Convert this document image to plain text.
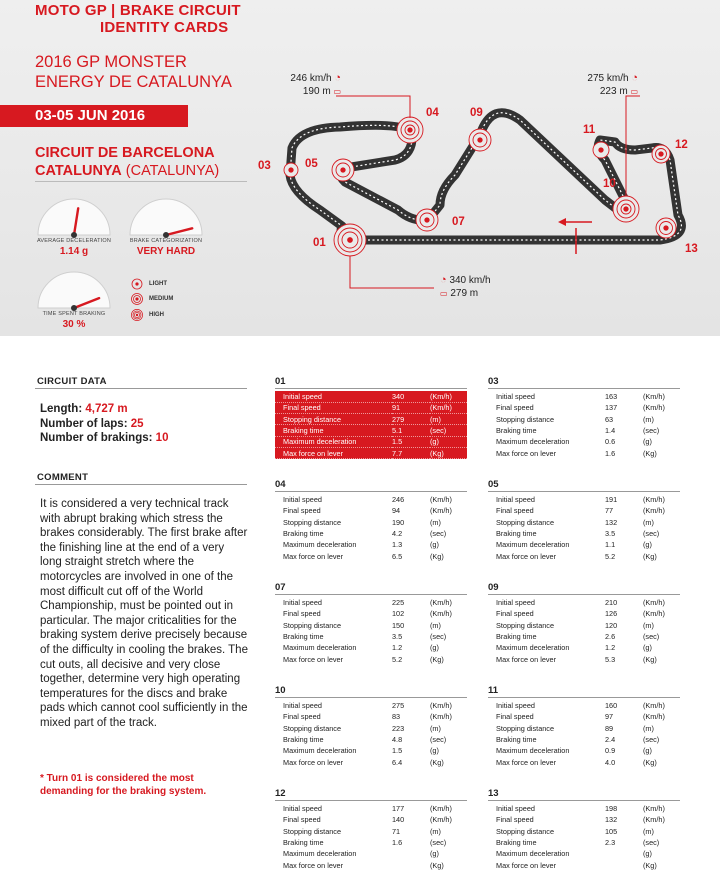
MOTO GP | BRAKE CIRCUIT
IDENTITY CARDS
2016 GP MONSTER
ENERGY DE CATALUNYA
03-05 JUN 2016
CIRCUIT DE BARCELONA
CATALUNYA (CATALUNYA)
AVERAGE DECELERATION
1.14 g
BRAKE CATEGORIZATION
VERY HARD
TIME SPENT BRAKING
30 %
LIGHT
MEDIUM
HIGH
246 km/h ◔
190 m ▭
275 km/h ◔
223 m ▭
◔ 340 km/h
▭ 279 m
01
03
04
05
07
09
10
11
12
13
CIRCUIT DATA
Length: 4,727 m
Number of laps: 25
Number of brakings: 10
COMMENT
It is considered a very technical track with abrupt braking which stress the brakes considerably. The first brake after the finishing line at the end of a very long straight stretch where the motorcycles are involved in one of the most difficult cut off of the World Championship, must be pointed out in particular. The major criticalities for the braking system derive precisely because of the difficulty in cooling the brakes. The cut outs, all decisive and very close together, determine very high operating temperatures for the discs and brake pads which cannot cool sufficiently in the mixed part of the track.
* Turn 01 is considered the most demanding for the braking system.
01
Initial speed	340	(Km/h)
Final speed	91	(Km/h)
Stopping distance	279	(m)
Braking time	5.1	(sec)
Maximum deceleration	1.5	(g)
Max force on lever	7.7	(Kg)
03
Initial speed	163	(Km/h)
Final speed	137	(Km/h)
Stopping distance	63	(m)
Braking time	1.4	(sec)
Maximum deceleration	0.6	(g)
Max force on lever	1.6	(Kg)
04
Initial speed	246	(Km/h)
Final speed	94	(Km/h)
Stopping distance	190	(m)
Braking time	4.2	(sec)
Maximum deceleration	1.3	(g)
Max force on lever	6.5	(Kg)
05
Initial speed	191	(Km/h)
Final speed	77	(Km/h)
Stopping distance	132	(m)
Braking time	3.5	(sec)
Maximum deceleration	1.1	(g)
Max force on lever	5.2	(Kg)
07
Initial speed	225	(Km/h)
Final speed	102	(Km/h)
Stopping distance	150	(m)
Braking time	3.5	(sec)
Maximum deceleration	1.2	(g)
Max force on lever	5.2	(Kg)
09
Initial speed	210	(Km/h)
Final speed	126	(Km/h)
Stopping distance	120	(m)
Braking time	2.6	(sec)
Maximum deceleration	1.2	(g)
Max force on lever	5.3	(Kg)
10
Initial speed	275	(Km/h)
Final speed	83	(Km/h)
Stopping distance	223	(m)
Braking time	4.8	(sec)
Maximum deceleration	1.5	(g)
Max force on lever	6.4	(Kg)
11
Initial speed	160	(Km/h)
Final speed	97	(Km/h)
Stopping distance	89	(m)
Braking time	2.4	(sec)
Maximum deceleration	0.9	(g)
Max force on lever	4.0	(Kg)
12
Initial speed	177	(Km/h)
Final speed	140	(Km/h)
Stopping distance	71	(m)
Braking time	1.6	(sec)
Maximum deceleration		(g)
Max force on lever		(Kg)
13
Initial speed	198	(Km/h)
Final speed	132	(Km/h)
Stopping distance	105	(m)
Braking time	2.3	(sec)
Maximum deceleration		(g)
Max force on lever		(Kg)
